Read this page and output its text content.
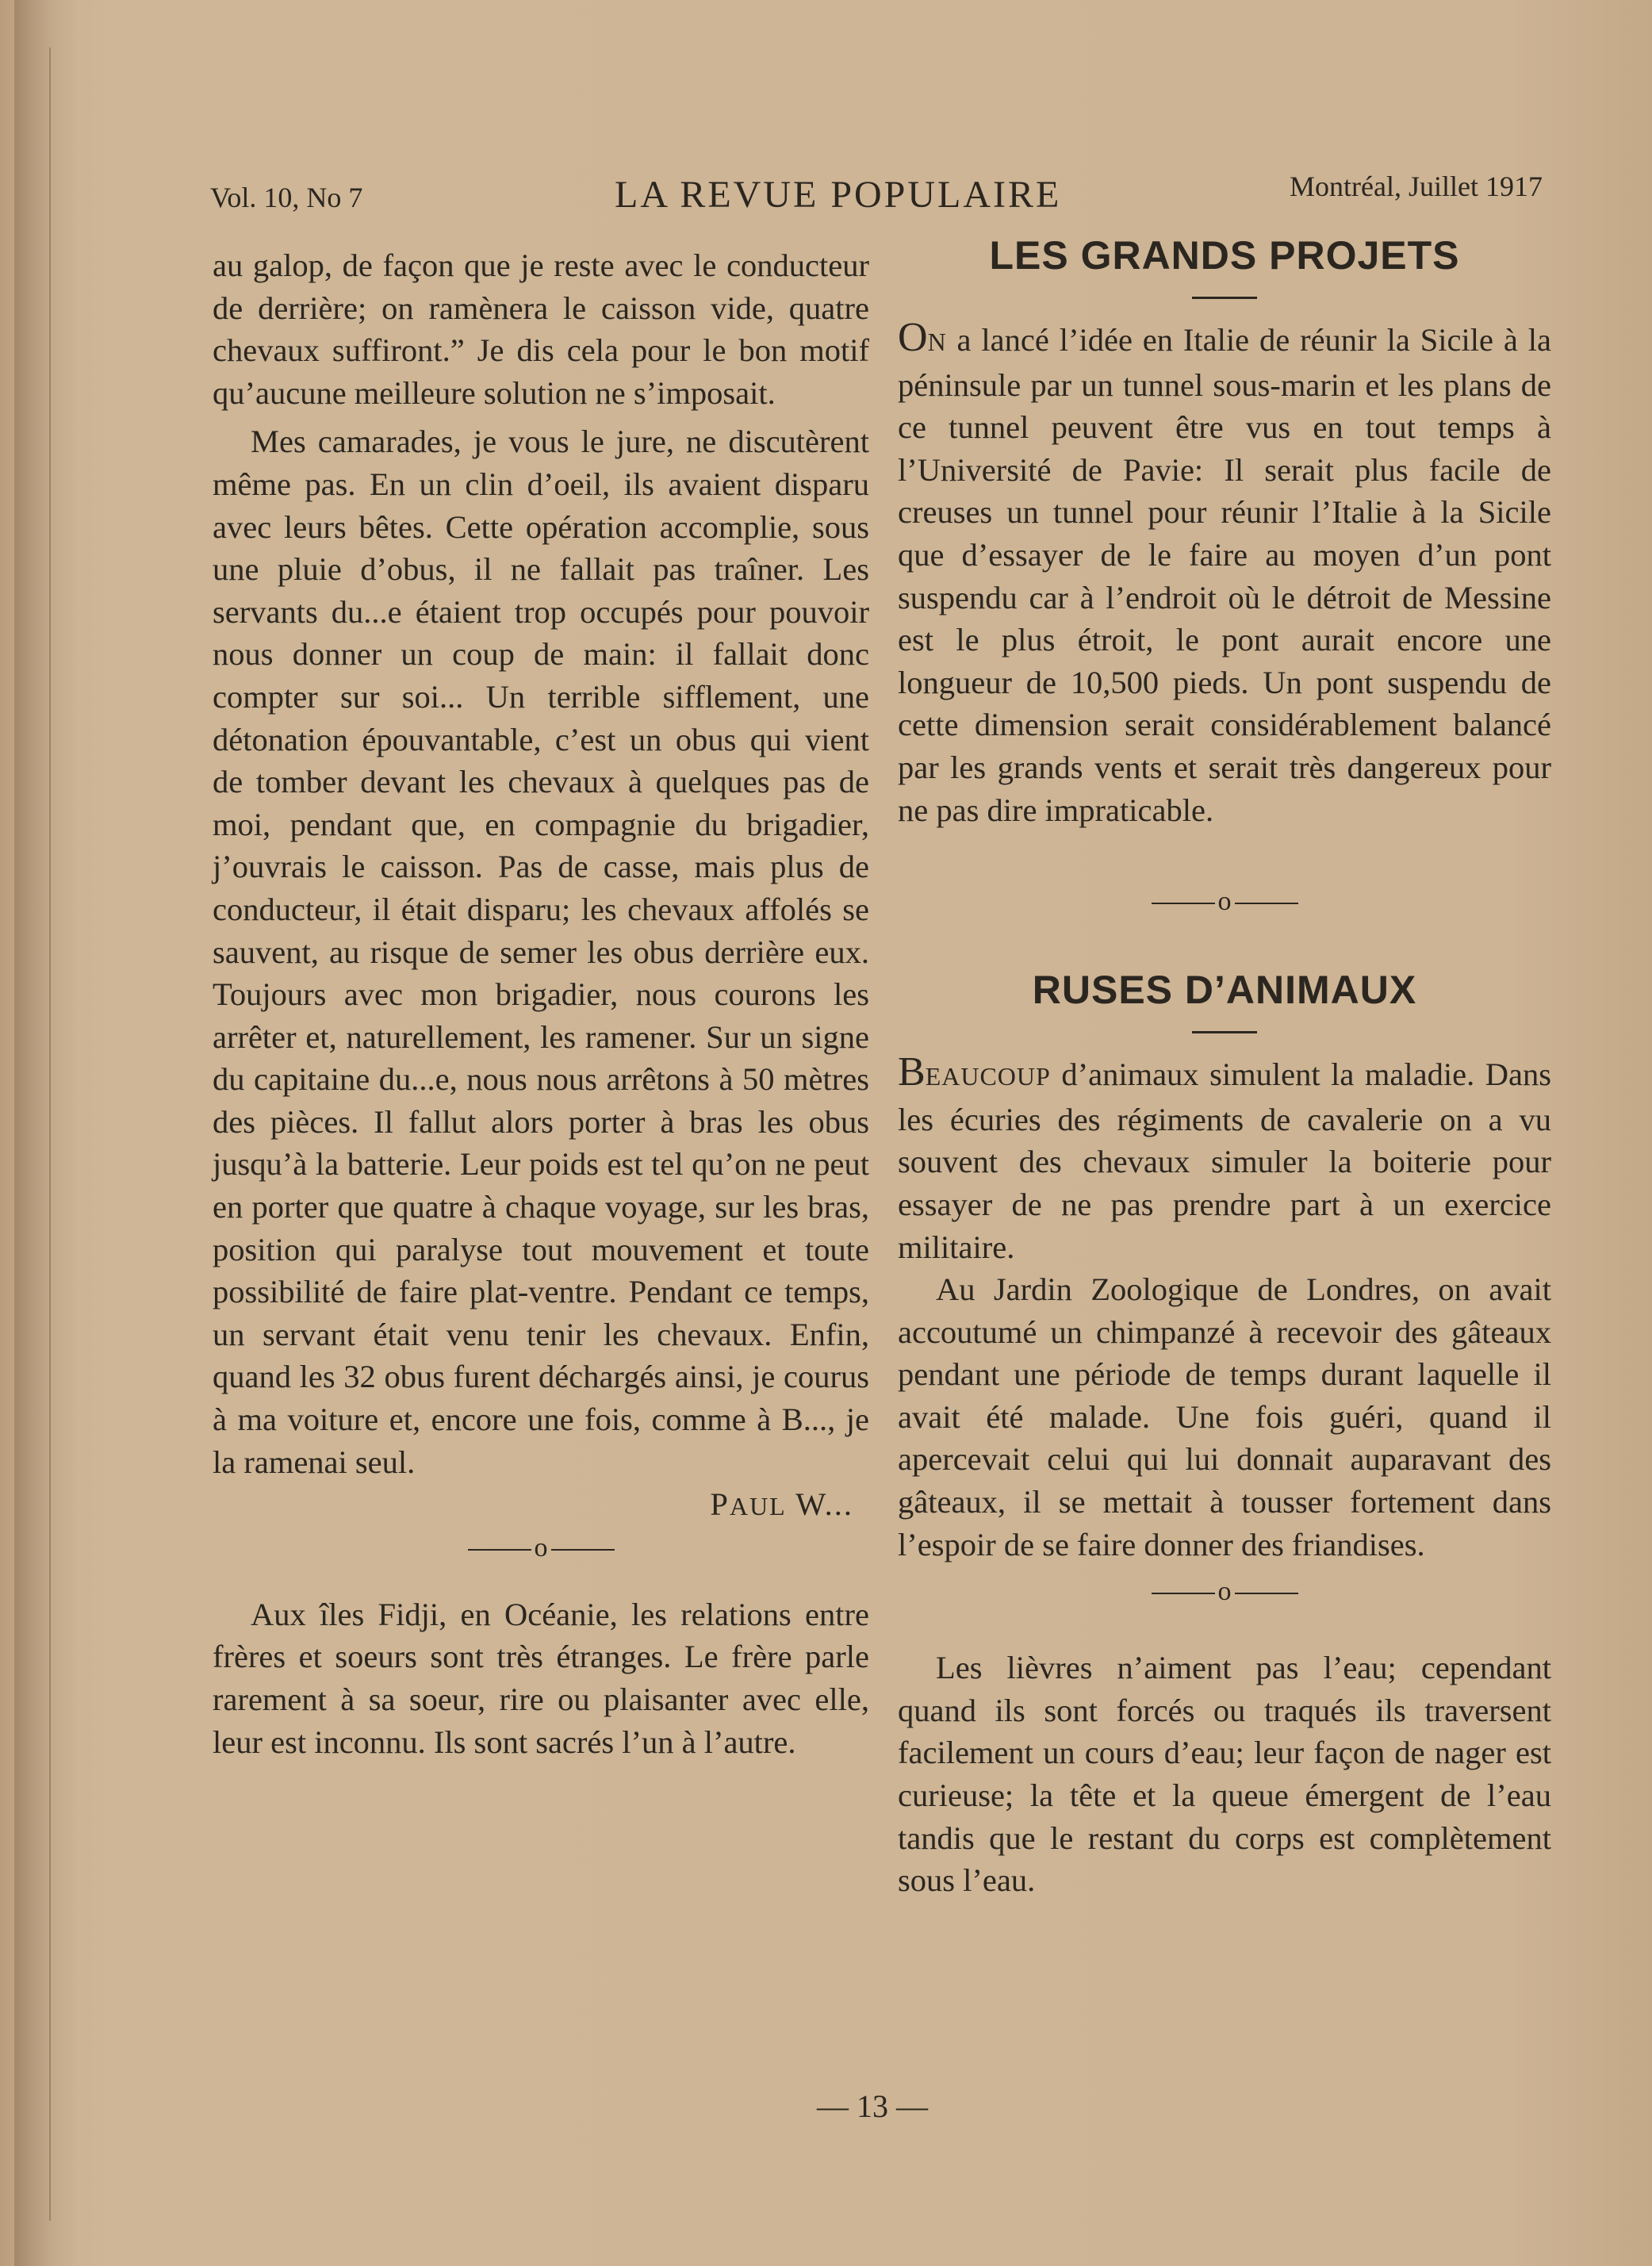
Vol. 10, No 7	LA REVUE POPULAIRE	Montréal, Juillet 1917

au galop, de façon que je reste avec le conducteur de derrière; on ramènera le caisson vide, quatre chevaux suffiront.” Je dis cela pour le bon motif qu’aucune meilleure solution ne s’imposait.

Mes camarades, je vous le jure, ne discutèrent même pas. En un clin d’oeil, ils avaient disparu avec leurs bêtes. Cette opération accomplie, sous une pluie d’obus, il ne fallait pas traîner. Les servants du...e étaient trop occupés pour pouvoir nous donner un coup de main: il fallait donc compter sur soi... Un terrible sifflement, une détonation épouvantable, c’est un obus qui vient de tomber devant les chevaux à quelques pas de moi, pendant que, en compagnie du brigadier, j’ouvrais le caisson. Pas de casse, mais plus de conducteur, il était disparu; les chevaux affolés se sauvent, au risque de semer les obus derrière eux. Toujours avec mon brigadier, nous courons les arrêter et, naturellement, les ramener. Sur un signe du capitaine du...e, nous nous arrêtons à 50 mètres des pièces. Il fallut alors porter à bras les obus jusqu’à la batterie. Leur poids est tel qu’on ne peut en porter que quatre à chaque voyage, sur les bras, position qui paralyse tout mouvement et toute possibilité de faire plat-ventre. Pendant ce temps, un servant était venu tenir les chevaux. Enfin, quand les 32 obus furent déchargés ainsi, je courus à ma voiture et, encore une fois, comme à B..., je la ramenai seul.

PAUL W...

o

Aux îles Fidji, en Océanie, les relations entre frères et soeurs sont très étranges. Le frère parle rarement à sa soeur, rire ou plaisanter avec elle, leur est inconnu. Ils sont sacrés l’un à l’autre.

LES GRANDS PROJETS

ON a lancé l’idée en Italie de réunir la Sicile à la péninsule par un tunnel sous-marin et les plans de ce tunnel peuvent être vus en tout temps à l’Université de Pavie: Il serait plus facile de creuses un tunnel pour réunir l’Italie à la Sicile que d’essayer de le faire au moyen d’un pont suspendu car à l’endroit où le détroit de Messine est le plus étroit, le pont aurait encore une longueur de 10,500 pieds. Un pont suspendu de cette dimension serait considérablement balancé par les grands vents et serait très dangereux pour ne pas dire impraticable.

o
RUSES D’ANIMAUX

BEAUCOUP d’animaux simulent la maladie. Dans les écuries des régiments de cavalerie on a vu souvent des chevaux simuler la boiterie pour essayer de ne pas prendre part à un exercice militaire.

Au Jardin Zoologique de Londres, on avait accoutumé un chimpanzé à recevoir des gâteaux pendant une période de temps durant laquelle il avait été malade. Une fois guéri, quand il apercevait celui qui lui donnait auparavant des gâteaux, il se mettait à tousser fortement dans l’espoir de se faire donner des friandises.

o

Les lièvres n’aiment pas l’eau; cependant quand ils sont forcés ou traqués ils traversent facilement un cours d’eau; leur façon de nager est curieuse; la tête et la queue émergent de l’eau tandis que le restant du corps est complètement sous l’eau.

— 13 —
